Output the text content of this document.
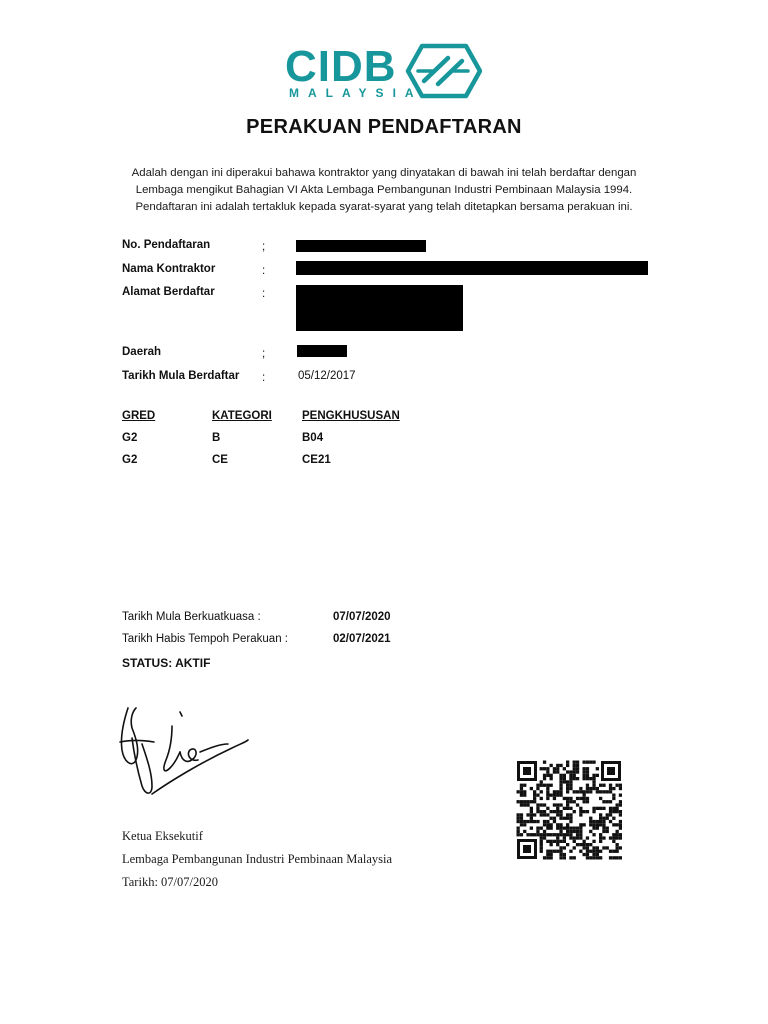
CIDB
MALAYSIA
PERAKUAN PENDAFTARAN
Adalah dengan ini diperakui bahawa kontraktor yang dinyatakan di bawah ini telah berdaftar dengan
Lembaga mengikut Bahagian VI Akta Lembaga Pembangunan Industri Pembinaan Malaysia 1994.
Pendaftaran ini adalah tertakluk kepada syarat-syarat yang telah ditetapkan bersama perakuan ini.
No. Pendaftaran	;
Nama Kontraktor	:
Alamat Berdaftar	:
Daerah	;
Tarikh Mula Berdaftar :	05/12/2017
GRED	KATEGORI	PENGKHUSUSAN
G2	B	B04
G2	CE	CE21
Tarikh Mula Berkuatkuasa :	07/07/2020
Tarikh Habis Tempoh Perakuan :	02/07/2021
STATUS: AKTIF
Ketua Eksekutif
Lembaga Pembangunan Industri Pembinaan Malaysia
Tarikh: 07/07/2020
